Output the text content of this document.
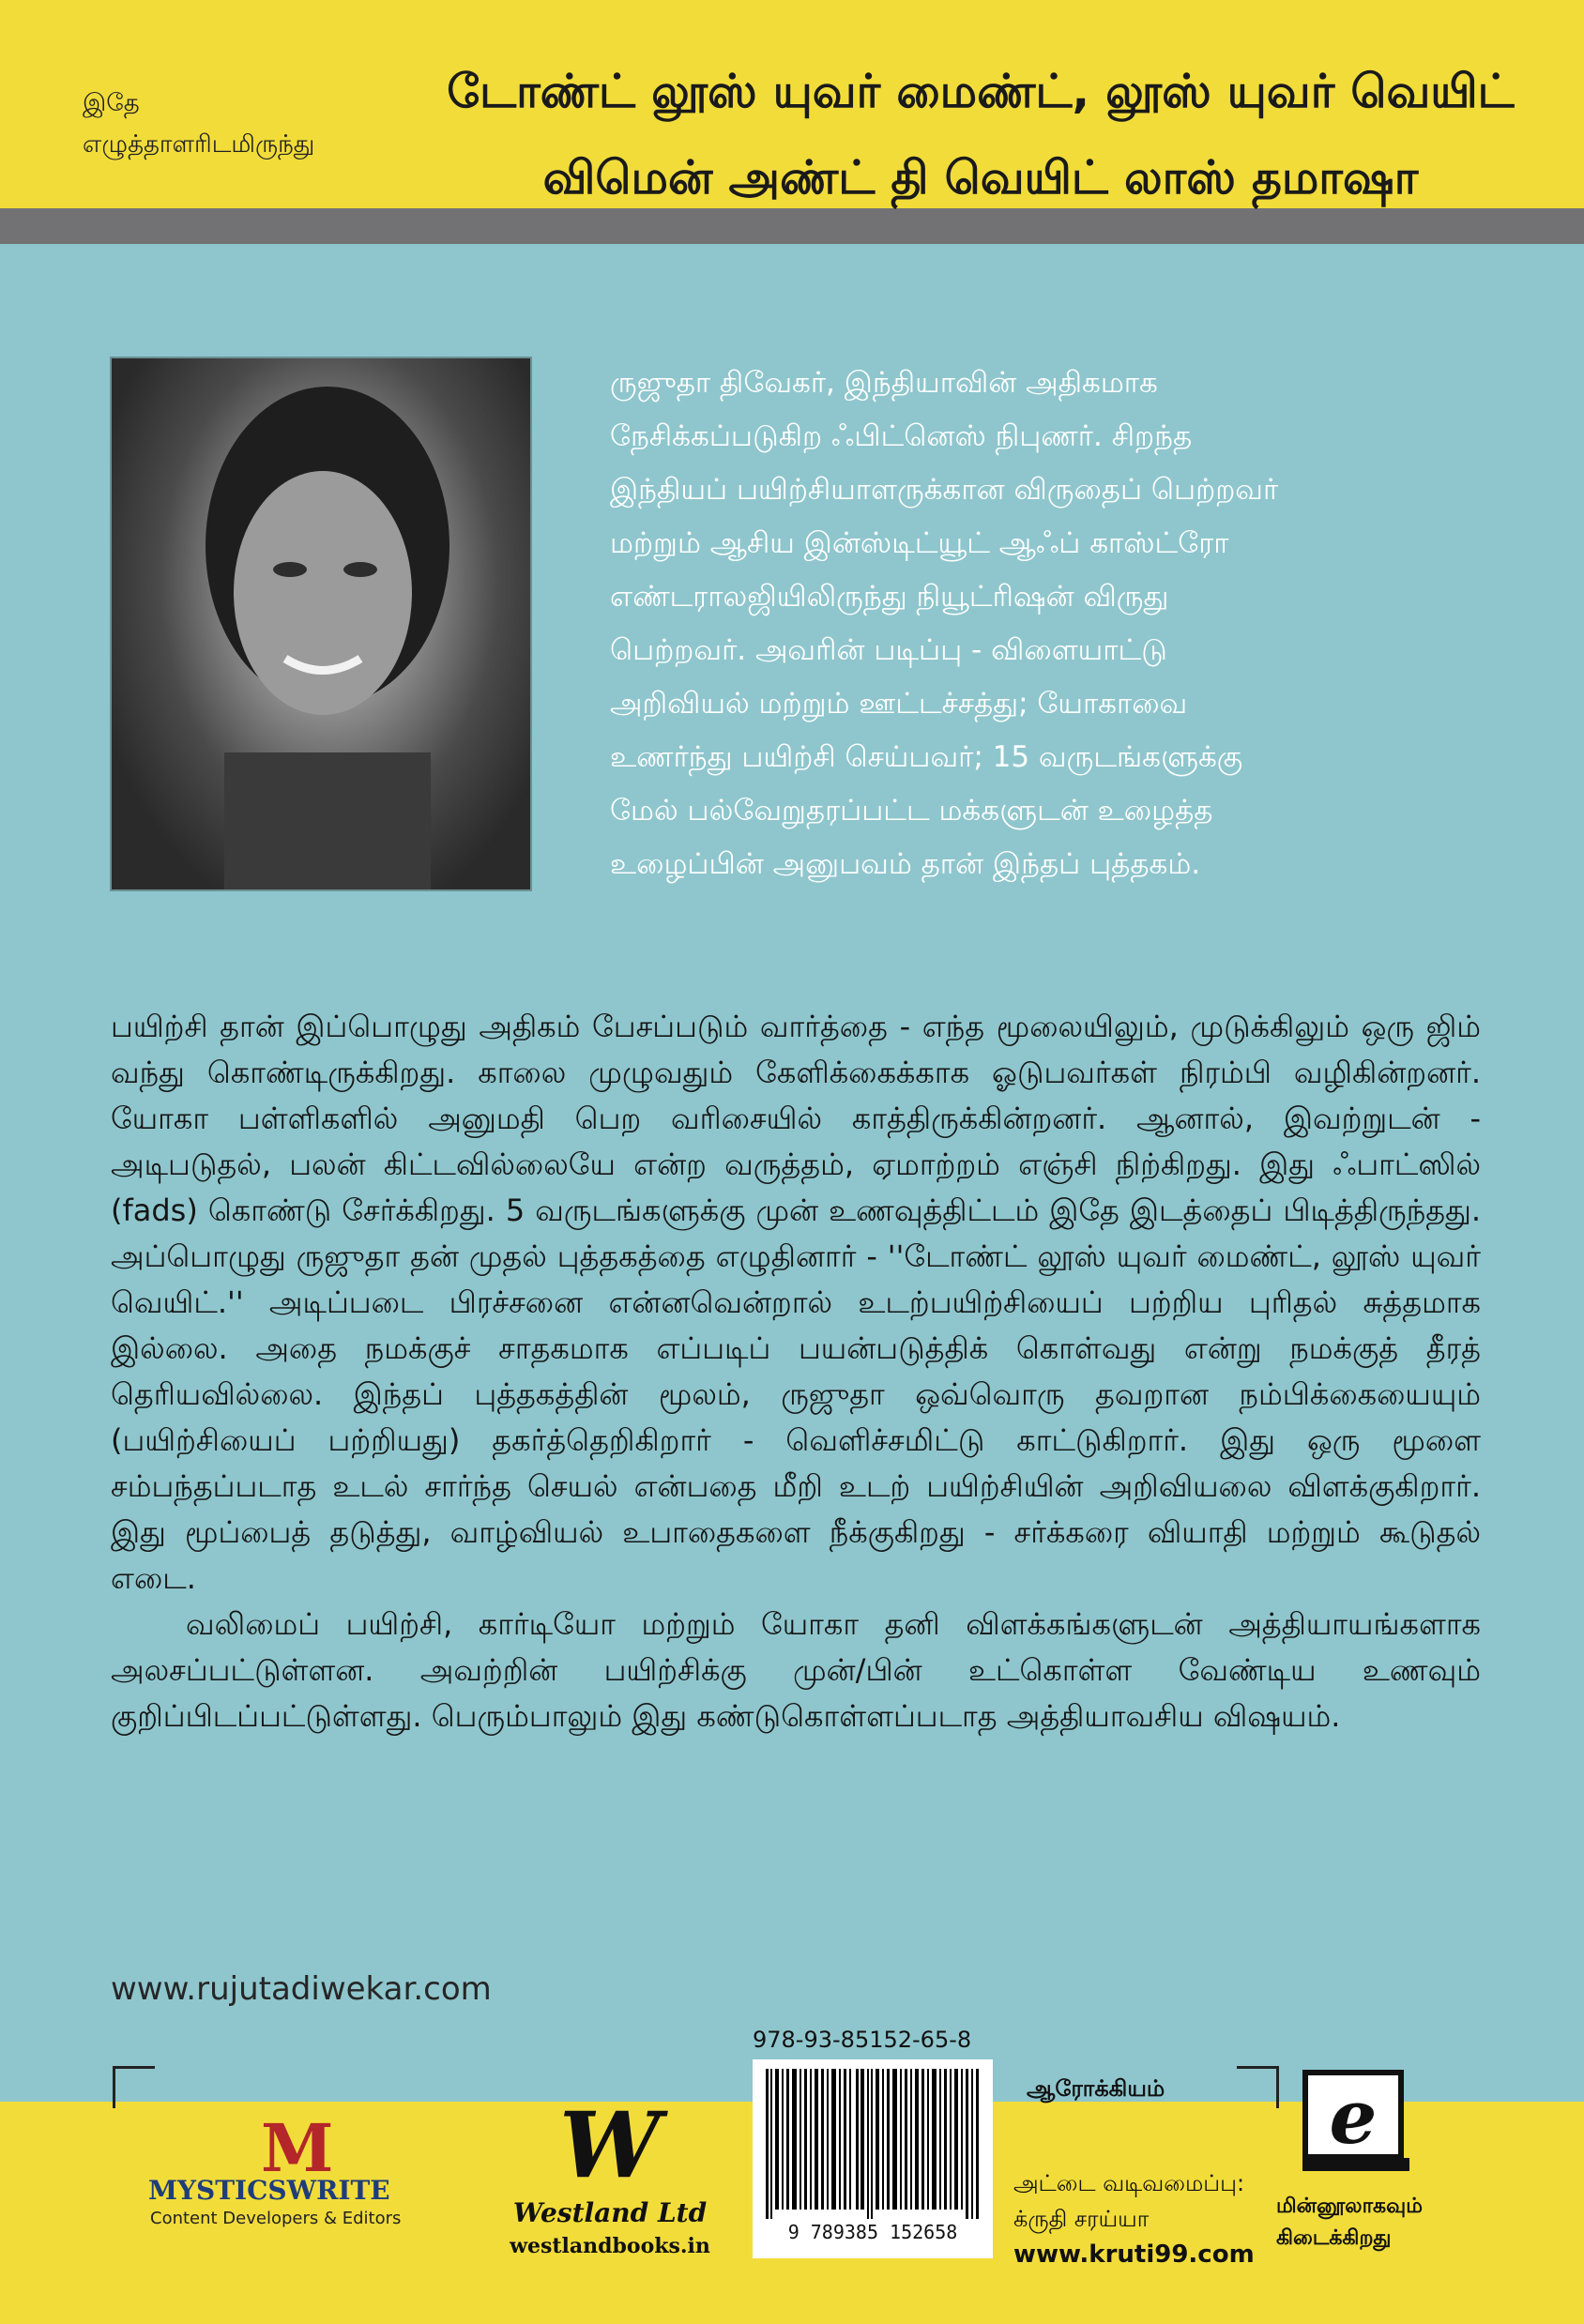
இதே
எழுத்தாளரிடமிருந்து
டோண்ட் லூஸ் யுவர் மைண்ட், லூஸ் யுவர் வெயிட்
விமென் அண்ட் தி வெயிட் லாஸ் தமாஷா
ருஜுதா திவேகர், இந்தியாவின் அதிகமாக
நேசிக்கப்படுகிற ஃபிட்னெஸ் நிபுணர். சிறந்த
இந்தியப் பயிற்சியாளருக்கான விருதைப் பெற்றவர்
மற்றும் ஆசிய இன்ஸ்டிட்யூட் ஆஃப் காஸ்ட்ரோ
எண்டராலஜியிலிருந்து நியூட்ரிஷன் விருது
பெற்றவர். அவரின் படிப்பு - விளையாட்டு
அறிவியல் மற்றும் ஊட்டச்சத்து; யோகாவை
உணர்ந்து பயிற்சி செய்பவர்; 15 வருடங்களுக்கு
மேல் பல்வேறுதரப்பட்ட மக்களுடன் உழைத்த
உழைப்பின் அனுபவம் தான் இந்தப் புத்தகம்.

பயிற்சி தான் இப்பொழுது அதிகம் பேசப்படும் வார்த்தை - எந்த மூலையிலும், முடுக்கிலும் ஒரு ஜிம் வந்து கொண்டிருக்கிறது. காலை முழுவதும் கேளிக்கைக்காக ஓடுபவர்கள் நிரம்பி வழிகின்றனர். யோகா பள்ளிகளில் அனுமதி பெற வரிசையில் காத்திருக்கின்றனர். ஆனால், இவற்றுடன் - அடிபடுதல், பலன் கிட்டவில்லையே என்ற வருத்தம், ஏமாற்றம் எஞ்சி நிற்கிறது. இது ஃபாட்ஸில் (fads) கொண்டு சேர்க்கிறது. 5 வருடங்களுக்கு முன் உணவுத்திட்டம் இதே இடத்தைப் பிடித்திருந்தது. அப்பொழுது ருஜுதா தன் முதல் புத்தகத்தை எழுதினார் - ''டோண்ட் லூஸ் யுவர் மைண்ட், லூஸ் யுவர் வெயிட்.'' அடிப்படை பிரச்சனை என்னவென்றால் உடற்பயிற்சியைப் பற்றிய புரிதல் சுத்தமாக இல்லை. அதை நமக்குச் சாதகமாக எப்படிப் பயன்படுத்திக் கொள்வது என்று நமக்குத் தீரத் தெரியவில்லை. இந்தப் புத்தகத்தின் மூலம், ருஜுதா ஒவ்வொரு தவறான நம்பிக்கையையும் (பயிற்சியைப் பற்றியது) தகர்த்தெறிகிறார் - வெளிச்சமிட்டு காட்டுகிறார். இது ஒரு மூளை சம்பந்தப்படாத உடல் சார்ந்த செயல் என்பதை மீறி உடற் பயிற்சியின் அறிவியலை விளக்குகிறார். இது மூப்பைத் தடுத்து, வாழ்வியல் உபாதைகளை நீக்குகிறது - சர்க்கரை வியாதி மற்றும் கூடுதல் எடை.

வலிமைப் பயிற்சி, கார்டியோ மற்றும் யோகா தனி விளக்கங்களுடன் அத்தியாயங்களாக அலசப்பட்டுள்ளன. அவற்றின் பயிற்சிக்கு முன்/பின் உட்கொள்ள வேண்டிய உணவும் குறிப்பிடப்பட்டுள்ளது. பெரும்பாலும் இது கண்டுகொள்ளப்படாத அத்தியாவசிய விஷயம்.

www.rujutadiwekar.com
M
MYSTICSWRITE
Content Developers & Editors
W
Westland Ltd
westlandbooks.in
978-93-85152-65-8
9 789385 152658
ஆரோக்கியம்
அட்டை வடிவமைப்பு:
க்ருதி சரய்யா
www.kruti99.com
e
மின்னூலாகவும்
கிடைக்கிறது
